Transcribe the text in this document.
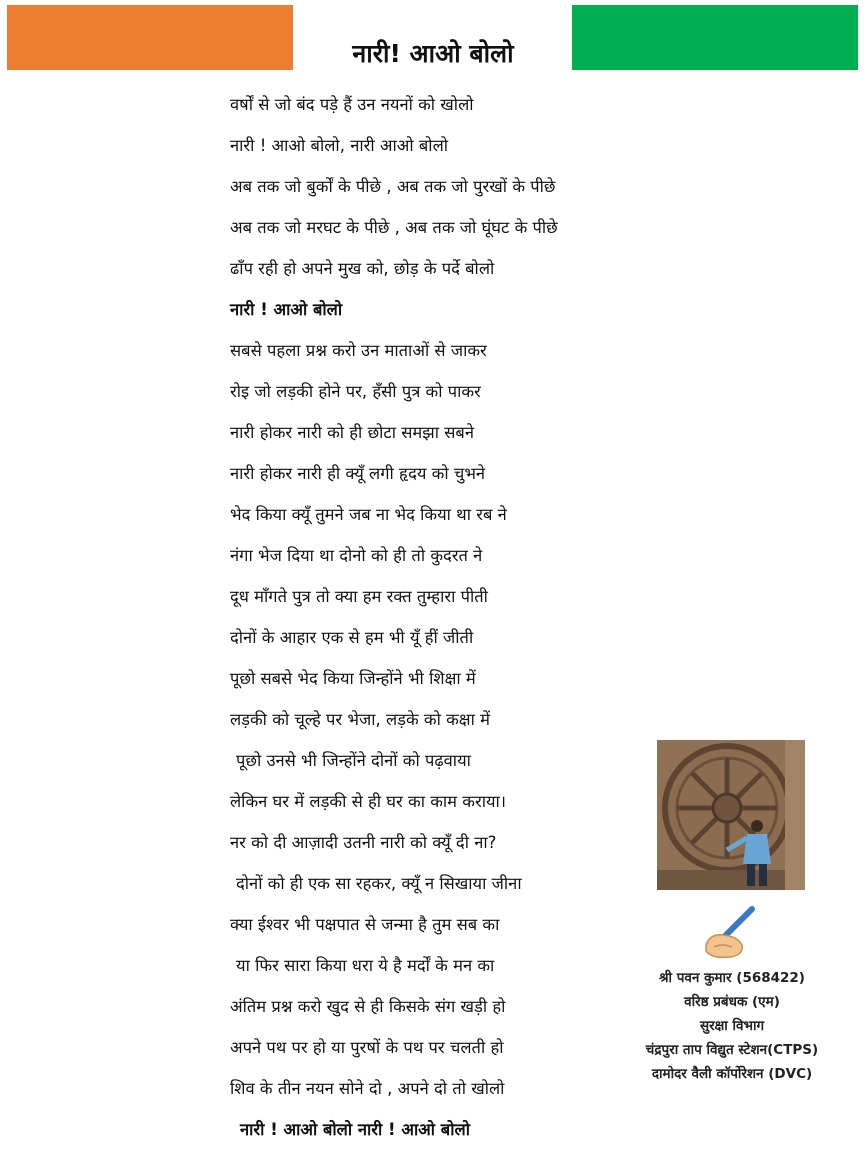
नारी! आओ बोलो
वर्षों से जो बंद पड़े हैं उन नयनों को खोलो
नारी ! आओ बोलो, नारी आओ बोलो
अब तक जो बुर्कों के पीछे , अब तक जो पुरखों के पीछे
अब तक जो मरघट के पीछे , अब तक जो घूंघट के पीछे
ढाँप रही हो अपने मुख को, छोड़ के पर्दे बोलो
नारी ! आओ बोलो
सबसे पहला प्रश्न करो उन माताओं से जाकर
रोइ जो लड़की होने पर, हँसी पुत्र को पाकर
नारी होकर नारी को ही छोटा समझा सबने
नारी होकर नारी ही क्यूँ लगी हृदय को चुभने
भेद किया क्यूँ तुमने जब ना भेद किया था रब ने
नंगा भेज दिया था दोनो को ही तो कुदरत ने
दूध माँगते पुत्र तो क्या हम रक्त तुम्हारा पीती
दोनों के आहार एक से हम भी यूँ हीं जीती
पूछो सबसे भेद किया जिन्होंने भी शिक्षा में
लड़की को चूल्हे पर भेजा, लड़के को कक्षा में
पूछो उनसे भी जिन्होंने दोनों को पढ़वाया
लेकिन घर में लड़की से ही घर का काम कराया।
नर को दी आज़ादी उतनी नारी को क्यूँ दी ना?
दोनों को ही एक सा रहकर, क्यूँ न सिखाया जीना
क्या ईश्वर भी पक्षपात से जन्मा है तुम सब का
या फिर सारा किया धरा ये है मर्दों के मन का
अंतिम प्रश्न करो खुद से ही किसके संग खड़ी हो
अपने पथ पर हो या पुरषों के पथ पर चलती हो
शिव के तीन नयन सोने दो , अपने दो तो खोलो
नारी ! आओ बोलो नारी ! आओ बोलो
श्री पवन कुमार (568422)
वरिष्ठ प्रबंधक (एम)
सुरक्षा विभाग
चंद्रपुरा ताप विद्युत स्टेशन(CTPS)
दामोदर वैली कॉर्पोरेशन (DVC)
